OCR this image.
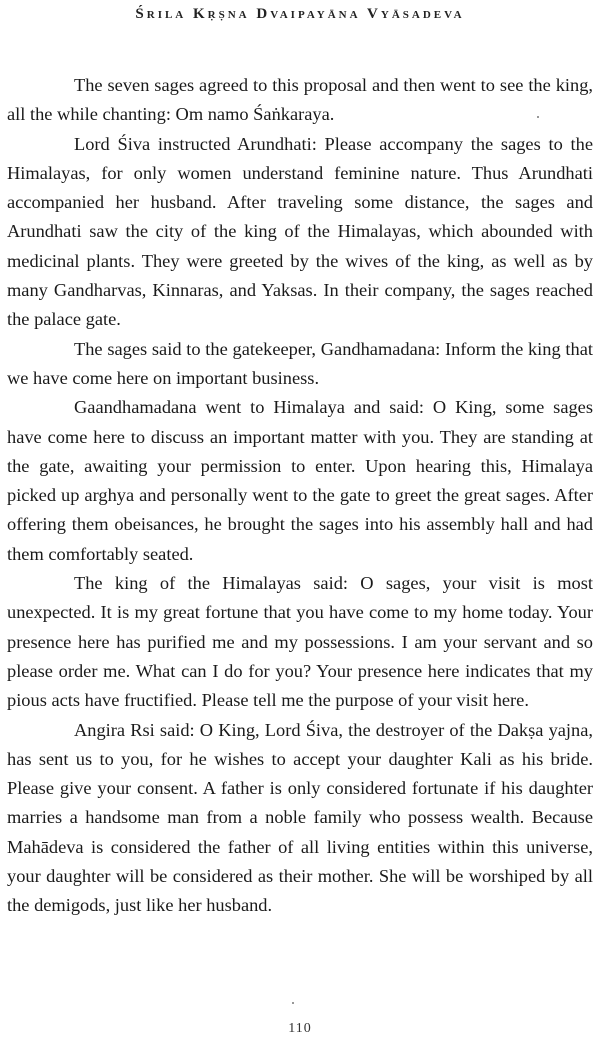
Śrila Kṛṣna Dvaipayāna Vyāsadeva

The seven sages agreed to this proposal and then went to see the king, all the while chanting: Om namo Śaṅkaraya.

Lord Śiva instructed Arundhati: Please accompany the sages to the Himalayas, for only women understand feminine nature. Thus Arundhati accompanied her husband. After traveling some distance, the sages and Arundhati saw the city of the king of the Himalayas, which abounded with medicinal plants. They were greeted by the wives of the king, as well as by many Gandharvas, Kinnaras, and Yaksas. In their company, the sages reached the palace gate.

The sages said to the gatekeeper, Gandhamadana: Inform the king that we have come here on important business.

Gaandhamadana went to Himalaya and said: O King, some sages have come here to discuss an important matter with you. They are standing at the gate, awaiting your permission to enter. Upon hearing this, Himalaya picked up arghya and personally went to the gate to greet the great sages. After offering them obeisances, he brought the sages into his assembly hall and had them comfortably seated.

The king of the Himalayas said: O sages, your visit is most unexpected. It is my great fortune that you have come to my home today. Your presence here has purified me and my possessions. I am your servant and so please order me. What can I do for you? Your presence here indicates that my pious acts have fructified. Please tell me the purpose of your visit here.

Angira Rsi said: O King, Lord Śiva, the destroyer of the Dakṣa yajna, has sent us to you, for he wishes to accept your daughter Kali as his bride. Please give your consent. A father is only considered fortunate if his daughter marries a handsome man from a noble family who possess wealth. Because Mahādeva is considered the father of all living entities within this universe, your daughter will be considered as their mother. She will be worshiped by all the demigods, just like her husband.

110
